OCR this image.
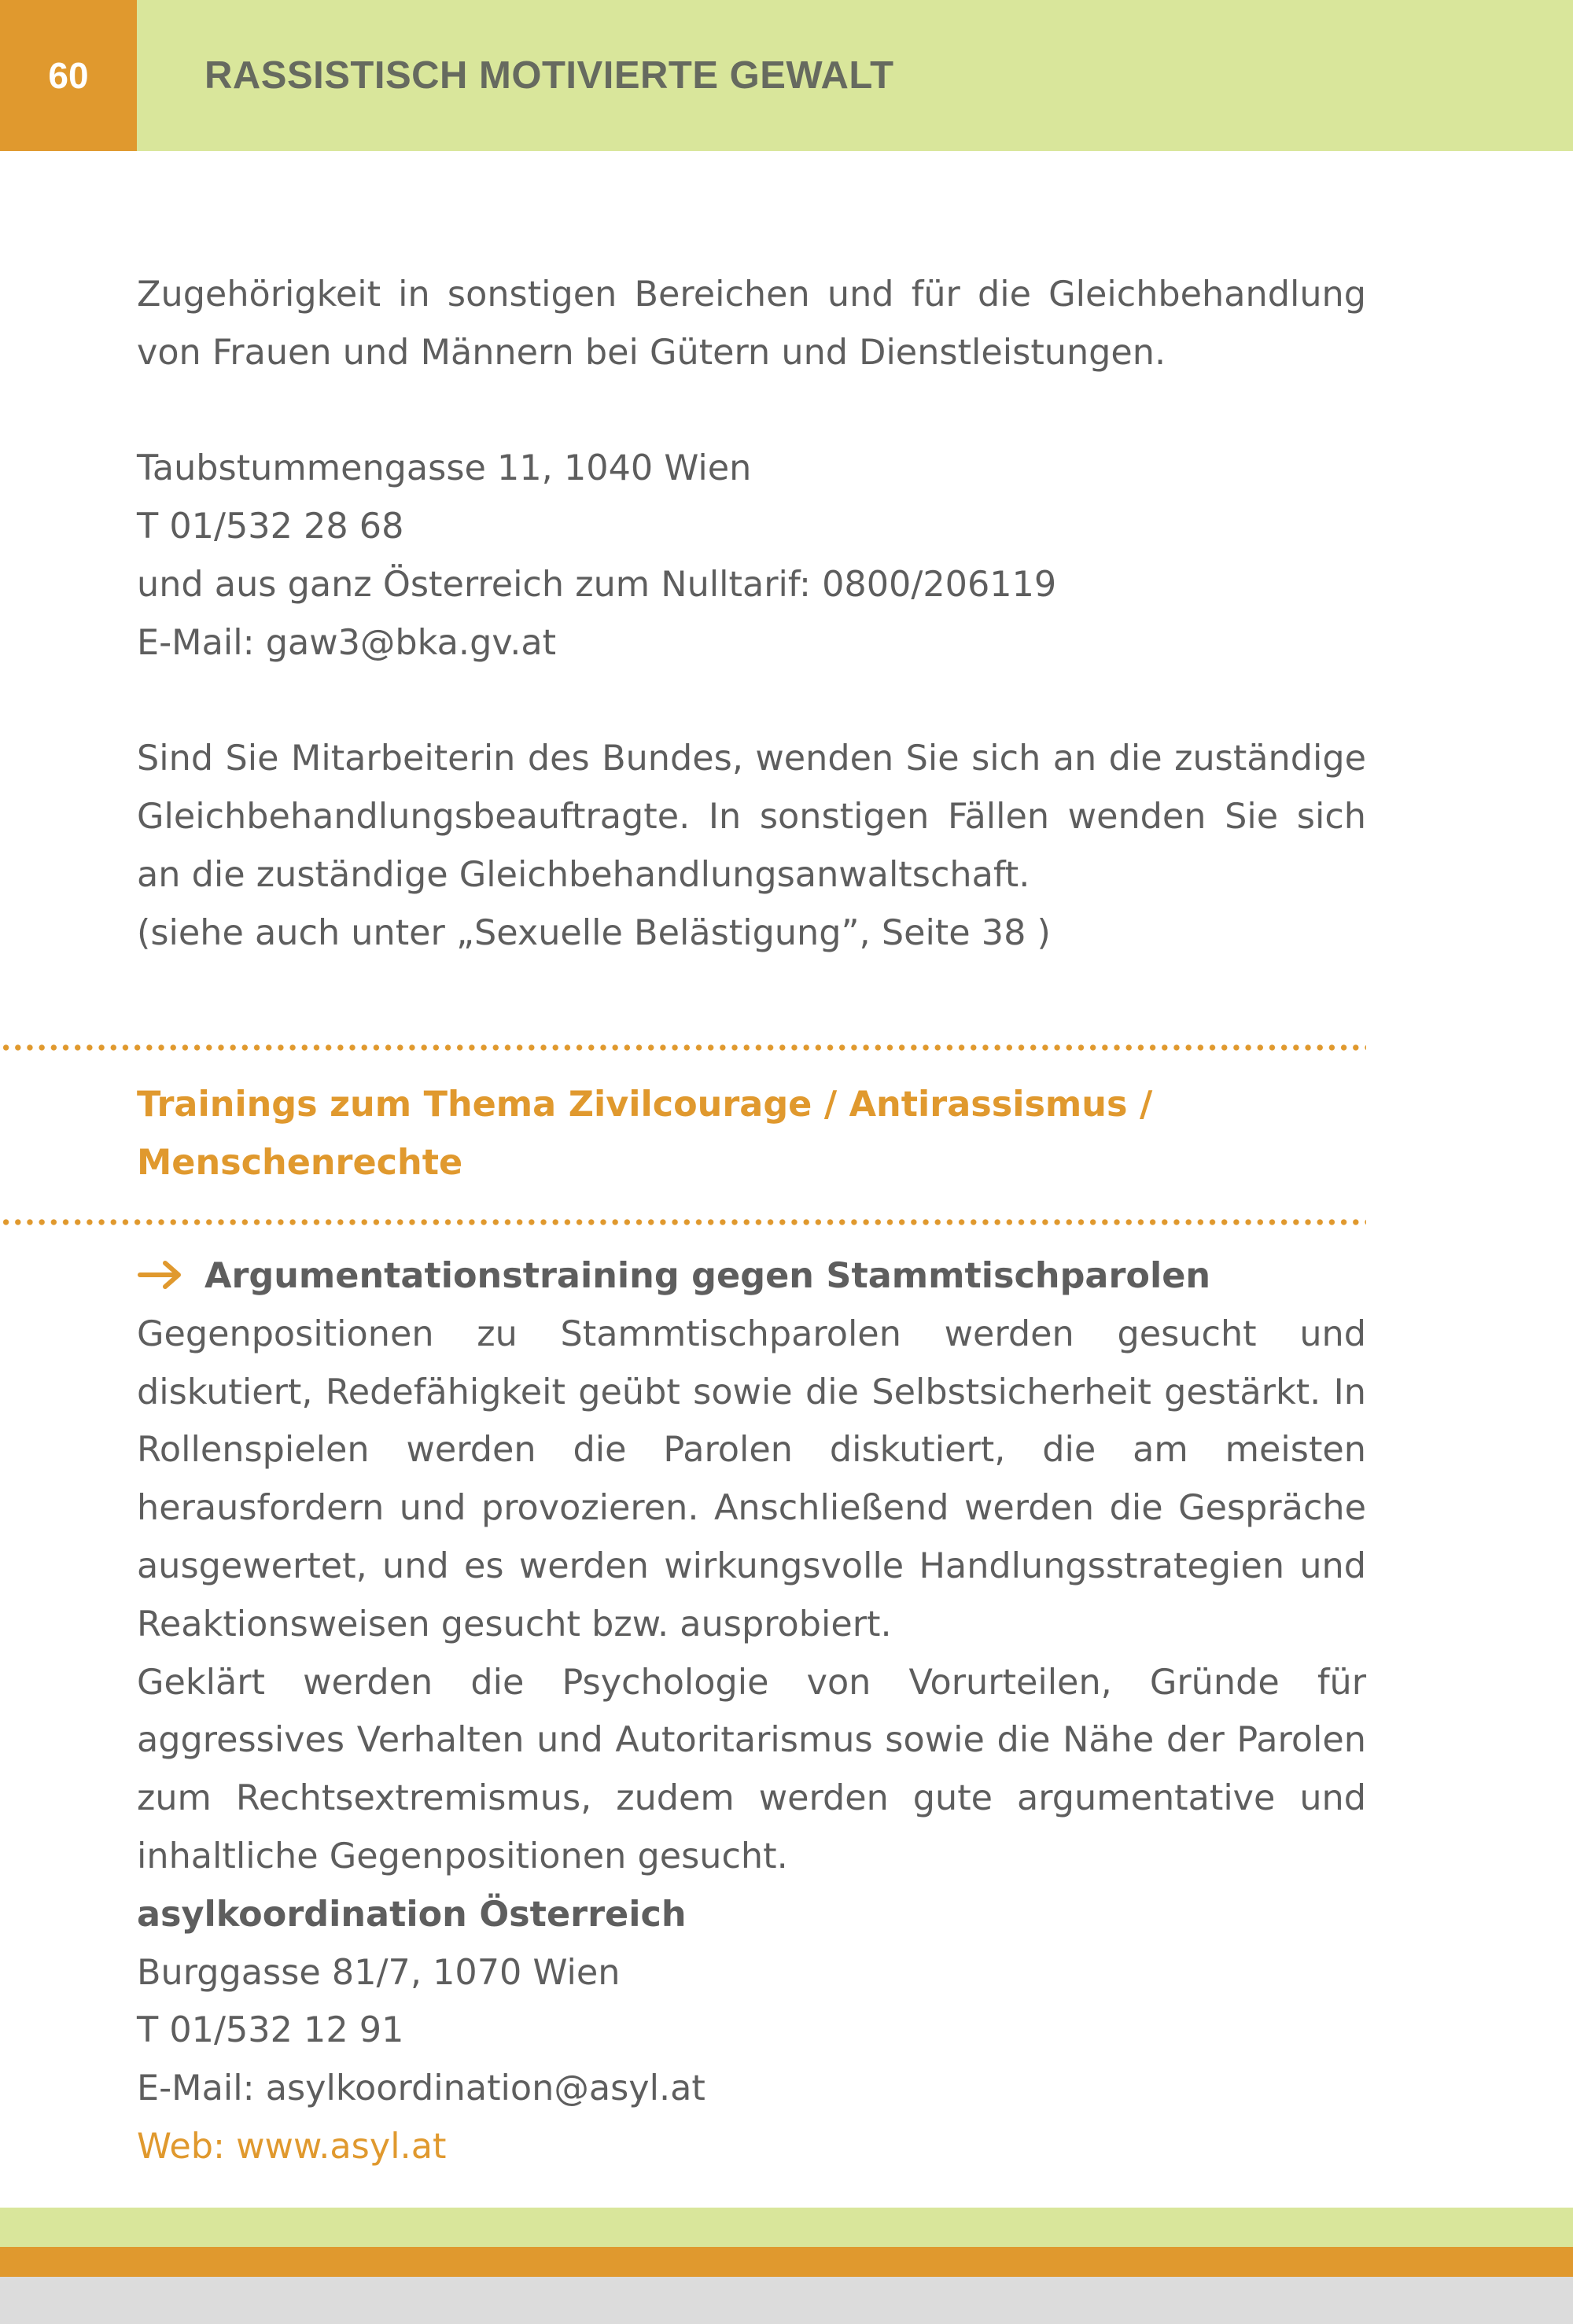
60	RASSISTISCH MOTIVIERTE GEWALT

Zugehörigkeit in sonstigen Bereichen und für die Gleichbehandlung von Frauen und Männern bei Gütern und Dienstleistungen.

Taubstummengasse 11, 1040 Wien

T 01/532 28 68

und aus ganz Österreich zum Nulltarif: 0800/206119

E-Mail: gaw3@bka.gv.at

Sind Sie Mitarbeiterin des Bundes, wenden Sie sich an die zuständige Gleichbehandlungsbeauftragte. In sonstigen Fällen wenden Sie sich an die zuständige Gleichbehandlungsanwaltschaft.

(siehe auch unter „Sexuelle Belästigung”, Seite 38 )

Trainings zum Thema Zivilcourage / Antirassismus /
Menschenrechte

Argumentationstraining gegen Stammtischparolen

Gegenpositionen zu Stammtischparolen werden gesucht und diskutiert, Redefähigkeit geübt sowie die Selbstsicherheit gestärkt. In Rollenspielen werden die Parolen diskutiert, die am meisten herausfordern und provozieren. Anschließend werden die Gespräche ausgewertet, und es werden wirkungsvolle Handlungsstrategien und Reaktionsweisen gesucht bzw. ausprobiert.

Geklärt werden die Psychologie von Vorurteilen, Gründe für aggressives Verhalten und Autoritarismus sowie die Nähe der Parolen zum Rechtsextremismus, zudem werden gute argumentative und inhaltliche Gegenpositionen gesucht.

asylkoordination Österreich

Burggasse 81/7, 1070 Wien

T 01/532 12 91

E-Mail: asylkoordination@asyl.at

Web: www.asyl.at
